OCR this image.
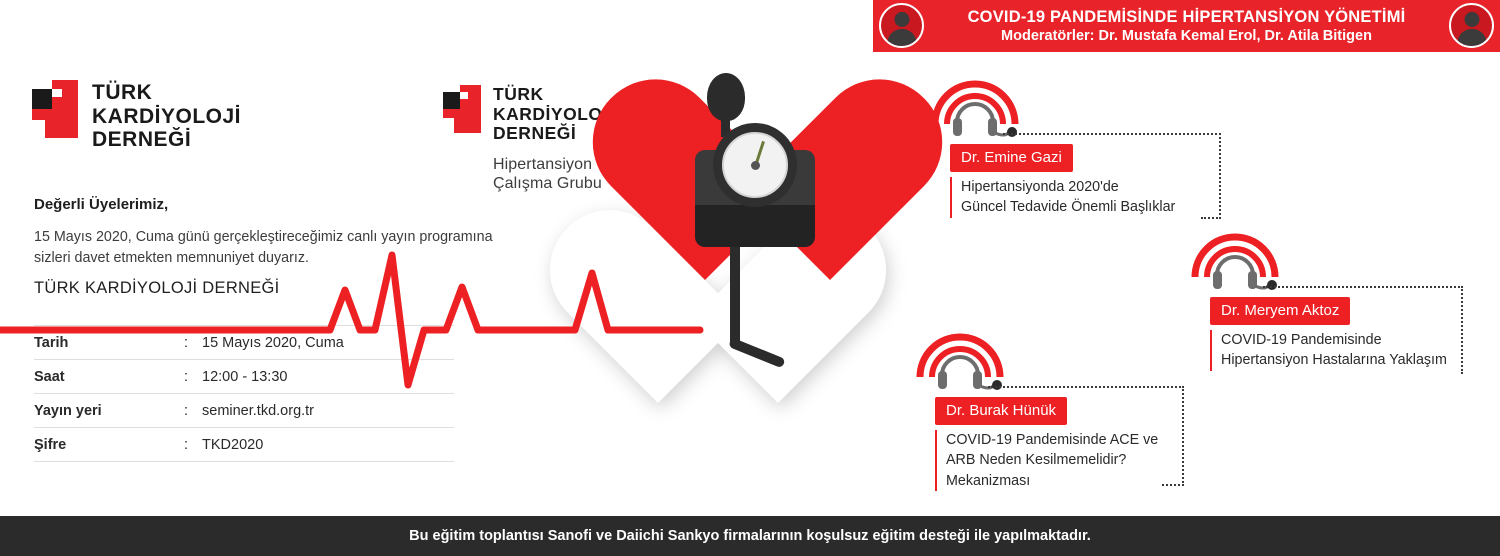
COVID-19 PANDEMİSİNDE HİPERTANSİYON YÖNETİMİ
Moderatörler: Dr. Mustafa Kemal Erol, Dr. Atila Bitigen
TÜRK
KARDİYOLOJİ
DERNEĞİ
TÜRK
KARDİYOLOJİ
DERNEĞİ
Hipertansiyon
Çalışma Grubu
Değerli Üyelerimiz,
15 Mayıs 2020, Cuma günü gerçekleştireceğimiz canlı yayın programına
sizleri davet etmekten memnuniyet duyarız.
TÜRK KARDİYOLOJİ DERNEĞİ
Tarih	:	15 Mayıs 2020, Cuma
Saat	:	12:00 - 13:30
Yayın yeri	:	seminer.tkd.org.tr
Şifre	:	TKD2020
Dr. Emine Gazi
Hipertansiyonda 2020'de
Güncel Tedavide Önemli Başlıklar
Dr. Meryem Aktoz
COVID-19 Pandemisinde
Hipertansiyon Hastalarına Yaklaşım
Dr. Burak Hünük
COVID-19 Pandemisinde ACE ve
ARB Neden Kesilmemelidir?
Mekanizması
Bu eğitim toplantısı Sanofi ve Daiichi Sankyo firmalarının koşulsuz eğitim desteği ile yapılmaktadır.
